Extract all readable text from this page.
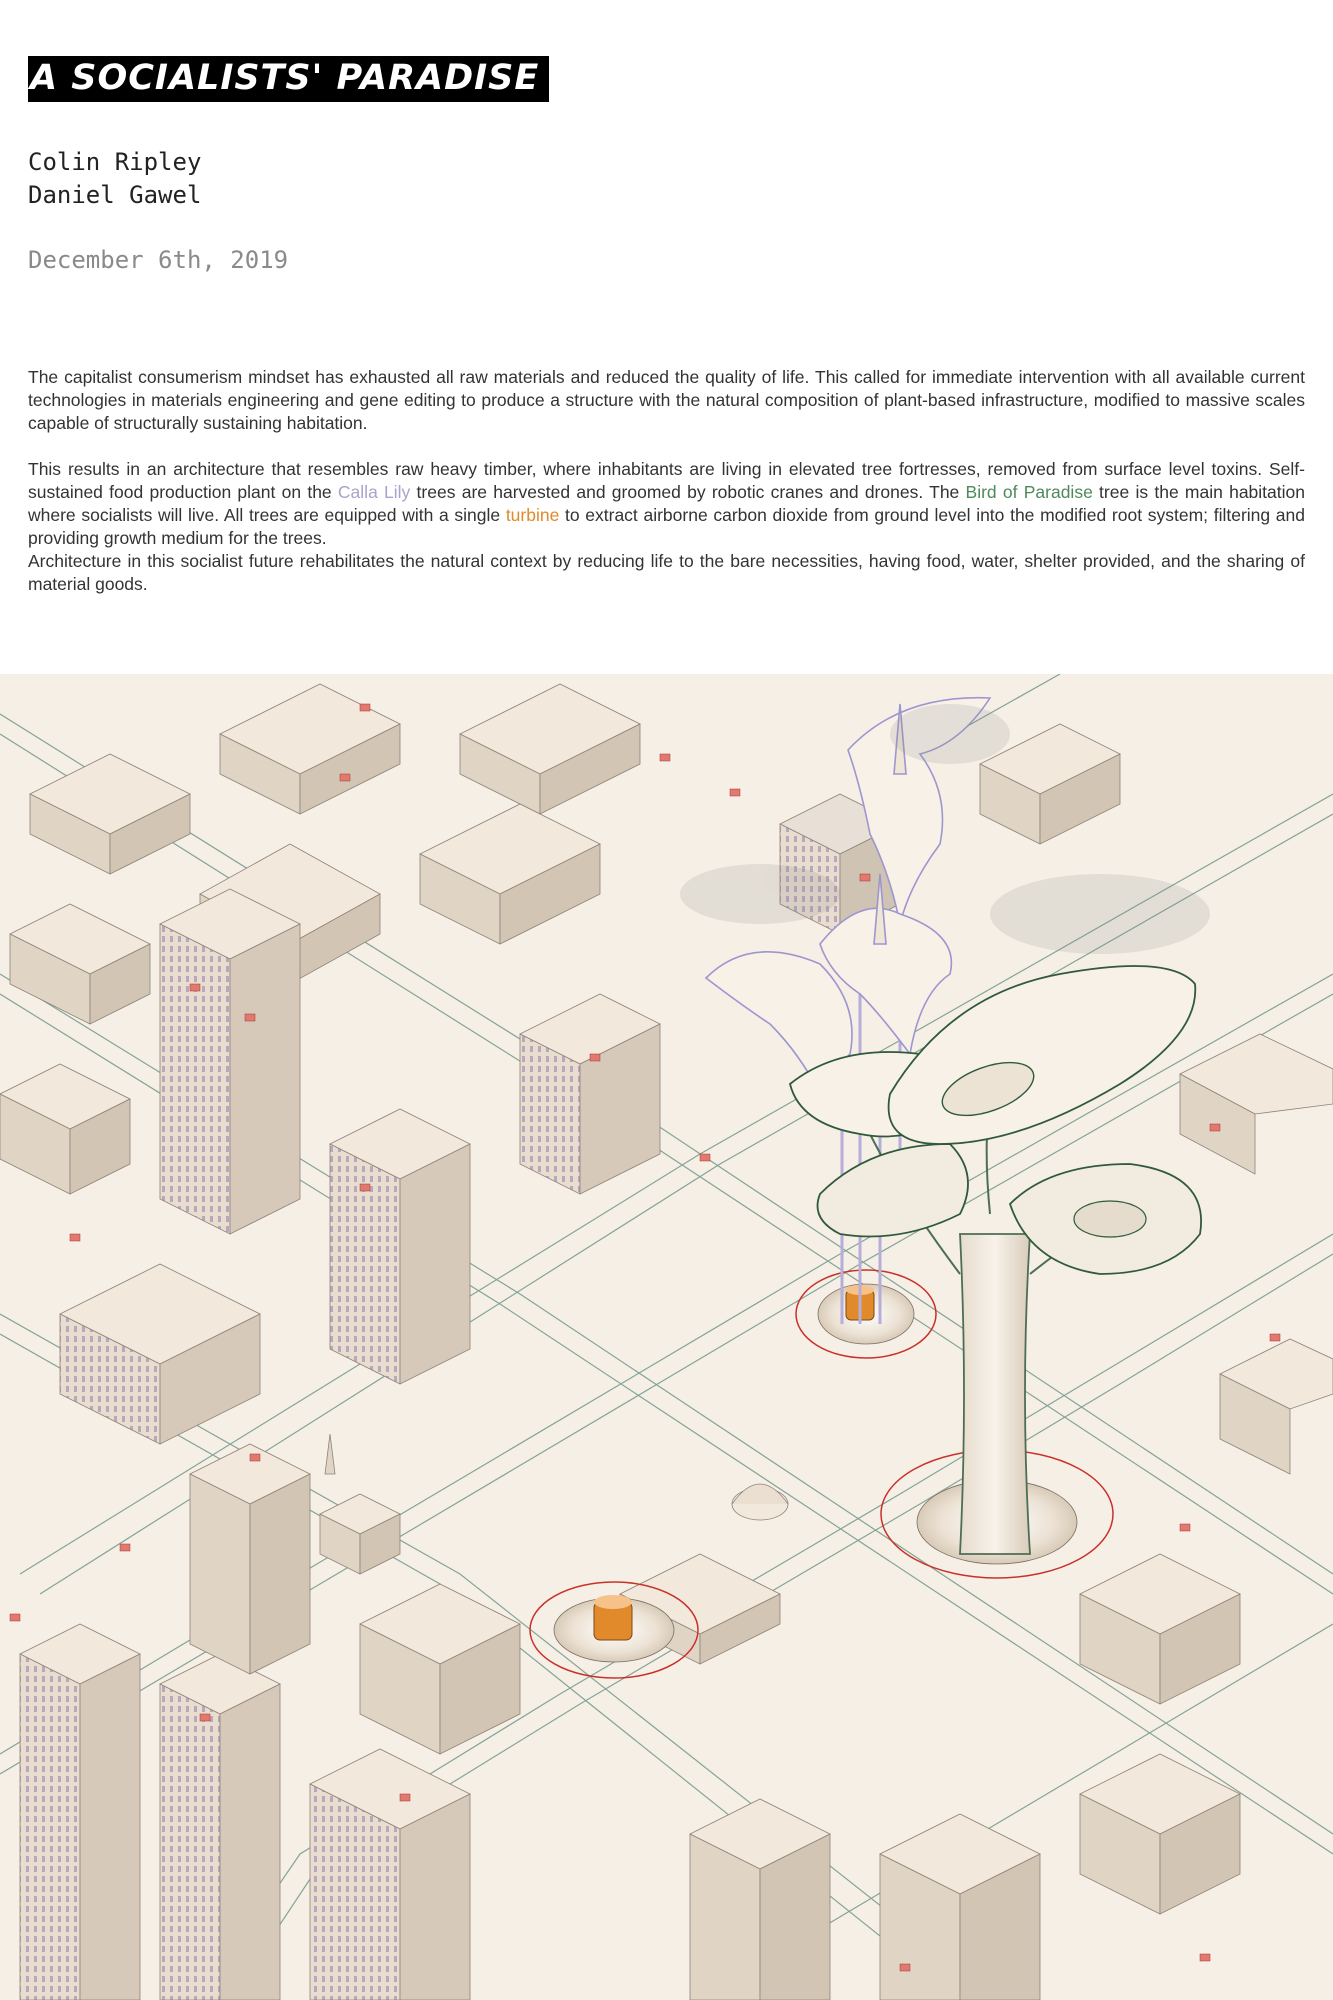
A SOCIALISTS' PARADISE
Colin Ripley
Daniel Gawel
December 6th, 2019

The capitalist consumerism mindset has exhausted all raw materials and reduced the quality of life. This called for immediate intervention with all available current technologies in materials engineering and gene editing to produce a structure with the natural composition of plant-based infrastructure, modified to massive scales capable of structurally sustaining habitation.

This results in an architecture that resembles raw heavy timber, where inhabitants are living in elevated tree fortresses, removed from surface level toxins. Self-sustained food production plant on the Calla Lily trees are harvested and groomed by robotic cranes and drones. The Bird of Paradise tree is the main habitation where socialists will live. All trees are equipped with a single turbine to extract airborne carbon dioxide from ground level into the modified root system; filtering and providing growth medium for the trees.

Architecture in this socialist future rehabilitates the natural context by reducing life to the bare necessities, having food, water, shelter provided, and the sharing of material goods.
